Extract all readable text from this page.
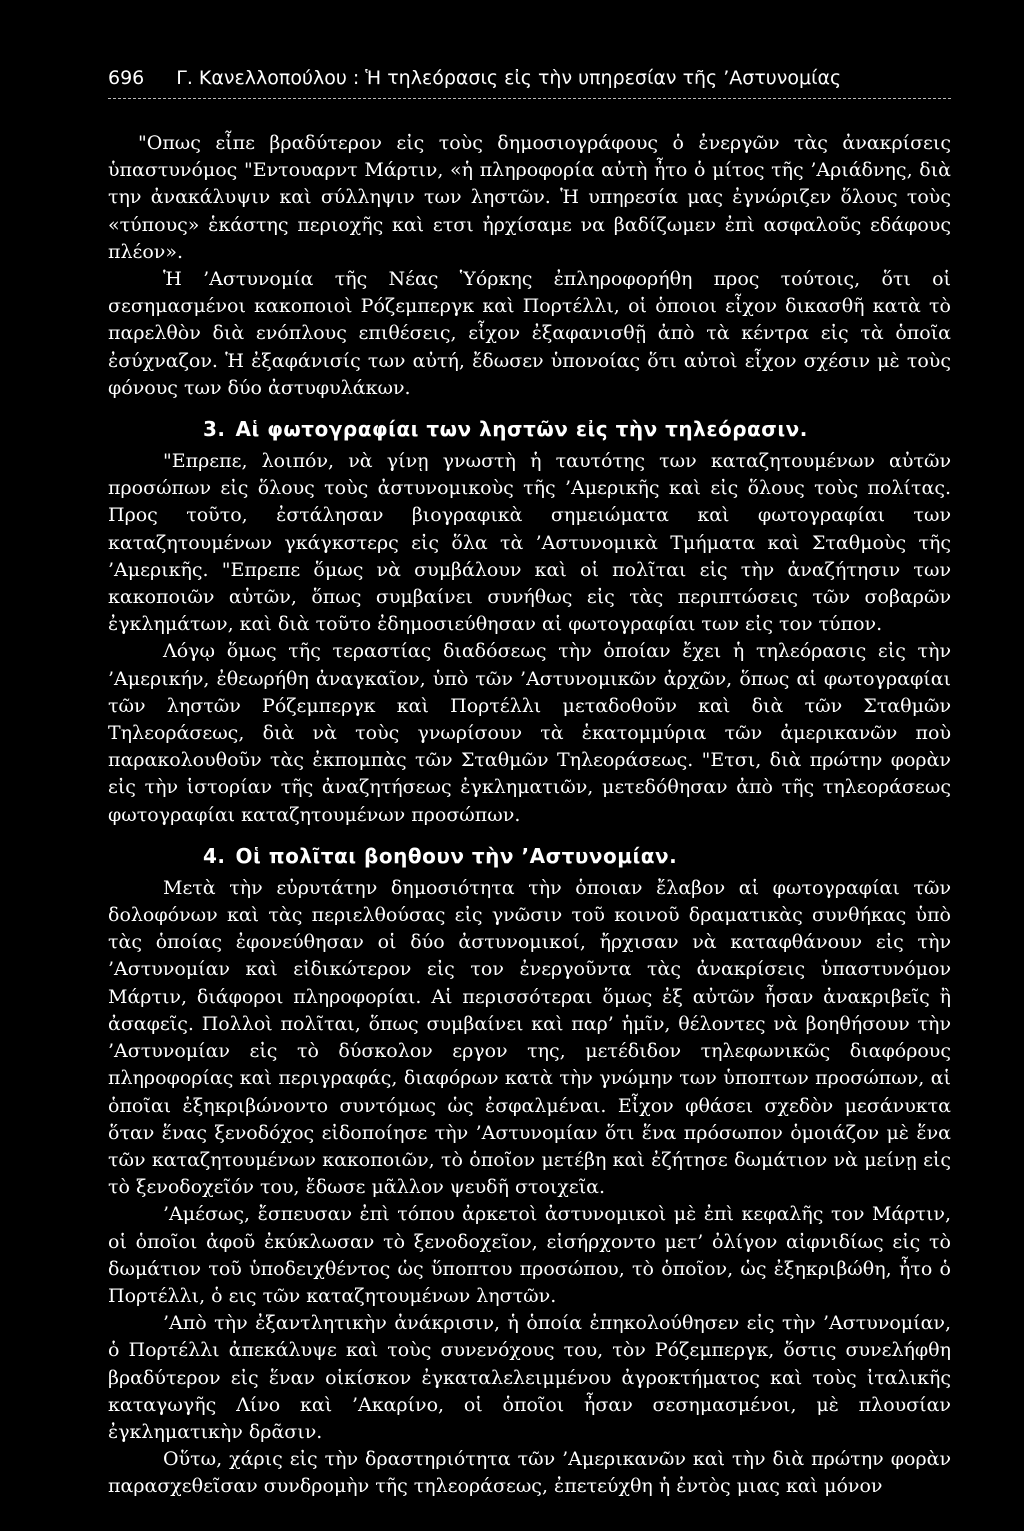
696 Γ. Κανελλοπούλου : Ἡ τηλεόρασις εἰς τὴν υπηρεσίαν τῆς ’Αστυνομίας

"Οπως εἶπε βραδύτερον εἰς τοὺς δημοσιογράφους ὁ ἐνεργῶν τὰς ἀνακρίσεις ὑπαστυνόμος "Εντουαρντ Μάρτιν, «ἡ πληροφορία αὐτὴ ἦτο ὁ μίτος τῆς ’Αριάδνης, διὰ την ἀνακάλυψιν καὶ σύλληψιν των ληστῶν. Ἡ υπηρεσία μας ἐγνώριζεν ὅλους τοὺς «τύπους» ἑκάστης περιοχῆς καὶ ετσι ἠρχίσαμε να βαδίζωμεν ἐπὶ ασφαλοῦς εδάφους πλέον».

Ἡ ’Αστυνομία τῆς Νέας Ὑόρκης ἐπληροφορήθη προς τούτοις, ὅτι οἱ σεσημασμένοι κακοποιοὶ Ρόζεμπεργκ καὶ Πορτέλλι, οἱ ὁποιοι εἶχον δικασθῆ κατὰ τὸ παρελθὸν διὰ ενόπλους επιθέσεις, εἶχον ἐξαφανισθῇ ἀπὸ τὰ κέντρα εἰς τὰ ὁποῖα ἐσύχναζον. Ἡ ἐξαφάνισίς των αὐτή, ἔδωσεν ὑπονοίας ὅτι αὐτοὶ εἶχον σχέσιν μὲ τοὺς φόνους των δύο ἀστυφυλάκων.

3. Αἱ φωτογραφίαι των ληστῶν εἰς τὴν τηλεόρασιν.

"Επρεπε, λοιπόν, νὰ γίνῃ γνωστὴ ἡ ταυτότης των καταζητουμένων αὐτῶν προσώπων εἰς ὅλους τοὺς ἀστυνομικοὺς τῆς ’Αμερικῆς καὶ εἰς ὅλους τοὺς πολίτας. Προς τοῦτο, ἐστάλησαν βιογραφικὰ σημειώματα καὶ φωτογραφίαι των καταζητουμένων γκάγκστερς εἰς ὅλα τὰ ’Αστυνομικὰ Τμήματα καὶ Σταθμοὺς τῆς ’Αμερικῆς. "Επρεπε ὅμως νὰ συμβάλουν καὶ οἱ πολῖται εἰς τὴν ἀναζήτησιν των κακοποιῶν αὐτῶν, ὅπως συμβαίνει συνήθως εἰς τὰς περιπτώσεις τῶν σοβαρῶν ἐγκλημάτων, καὶ διὰ τοῦτο ἐδημοσιεύθησαν αἱ φωτογραφίαι των εἰς τον τύπον.

Λόγῳ ὅμως τῆς τεραστίας διαδόσεως τὴν ὁποίαν ἔχει ἡ τηλεόρασις εἰς τὴν ’Αμερικήν, ἐθεωρήθη ἀναγκαῖον, ὑπὸ τῶν ’Αστυνομικῶν ἀρχῶν, ὅπως αἱ φωτογραφίαι τῶν ληστῶν Ρόζεμπεργκ καὶ Πορτέλλι μεταδοθοῦν καὶ διὰ τῶν Σταθμῶν Τηλεοράσεως, διὰ νὰ τοὺς γνωρίσουν τὰ ἑκατομμύρια τῶν ἀμερικανῶν ποὺ παρακολουθοῦν τὰς ἐκπομπὰς τῶν Σταθμῶν Τηλεοράσεως. "Ετσι, διὰ πρώτην φορὰν εἰς τὴν ἱστορίαν τῆς ἀναζητήσεως ἐγκληματιῶν, μετεδόθησαν ἀπὸ τῆς τηλεοράσεως φωτογραφίαι καταζητουμένων προσώπων.

4. Οἱ πολῖται βοηθουν τὴν ’Αστυνομίαν.

Μετὰ τὴν εὐρυτάτην δημοσιότητα τὴν ὁποιαν ἔλαβον αἱ φωτογραφίαι τῶν δολοφόνων καὶ τὰς περιελθούσας εἰς γνῶσιν τοῦ κοινοῦ δραματικὰς συνθήκας ὑπὸ τὰς ὁποίας ἐφονεύθησαν οἱ δύο ἀστυνομικοί, ἤρχισαν νὰ καταφθάνουν εἰς τὴν ’Αστυνομίαν καὶ εἰδικώτερον εἰς τον ἐνεργοῦντα τὰς ἀνακρίσεις ὑπαστυνόμον Μάρτιν, διάφοροι πληροφορίαι. Αἱ περισσότεραι ὅμως ἐξ αὐτῶν ἦσαν ἀνακριβεῖς ἢ ἀσαφεῖς. Πολλοὶ πολῖται, ὅπως συμβαίνει καὶ παρ’ ἡμῖν, θέλοντες νὰ βοηθήσουν τὴν ’Αστυνομίαν εἰς τὸ δύσκολον εργον της, μετέδιδον τηλεφωνικῶς διαφόρους πληροφορίας καὶ περιγραφάς, διαφόρων κατὰ τὴν γνώμην των ὑποπτων προσώπων, αἱ ὁποῖαι ἐξηκριβώνοντο συντόμως ὡς ἐσφαλμέναι. Εἶχον φθάσει σχεδὸν μεσάνυκτα ὅταν ἕνας ξενοδόχος εἰδοποίησε τὴν ’Αστυνομίαν ὅτι ἕνα πρόσωπον ὁμοιάζον μὲ ἕνα τῶν καταζητουμένων κακοποιῶν, τὸ ὁποῖον μετέβη καὶ ἐζήτησε δωμάτιον νὰ μείνῃ εἰς τὸ ξενοδοχεῖόν του, ἔδωσε μᾶλλον ψευδῆ στοιχεῖα.

’Αμέσως, ἔσπευσαν ἐπὶ τόπου ἀρκετοὶ ἀστυνομικοὶ μὲ ἐπὶ κεφαλῆς τον Μάρτιν, οἱ ὁποῖοι ἀφοῦ ἐκύκλωσαν τὸ ξενοδοχεῖον, εἰσήρχοντο μετ’ ὀλίγον αἰφνιδίως εἰς τὸ δωμάτιον τοῦ ὑποδειχθέντος ὡς ὕποπτου προσώπου, τὸ ὁποῖον, ὡς ἐξηκριβώθη, ἦτο ὁ Πορτέλλι, ὁ εις τῶν καταζητουμένων ληστῶν.

’Απὸ τὴν ἐξαντλητικὴν ἀνάκρισιν, ἡ ὁποία ἐπηκολούθησεν εἰς τὴν ’Αστυνομίαν, ὁ Πορτέλλι ἀπεκάλυψε καὶ τοὺς συνενόχους του, τὸν Ρόζεμπεργκ, ὅστις συνελήφθη βραδύτερον εἰς ἕναν οἰκίσκον ἐγκαταλελειμμένου ἀγροκτήματος καὶ τοὺς ἰταλικῆς καταγωγῆς Λίνο καὶ ’Ακαρίνο, οἱ ὁποῖοι ἦσαν σεσημασμένοι, μὲ πλουσίαν ἐγκληματικὴν δρᾶσιν.

Οὕτω, χάρις εἰς τὴν δραστηριότητα τῶν ’Αμερικανῶν καὶ τὴν διὰ πρώτην φορὰν παρασχεθεῖσαν συνδρομὴν τῆς τηλεοράσεως, ἐπετεύχθη ἡ ἐντὸς μιας καὶ μόνον
